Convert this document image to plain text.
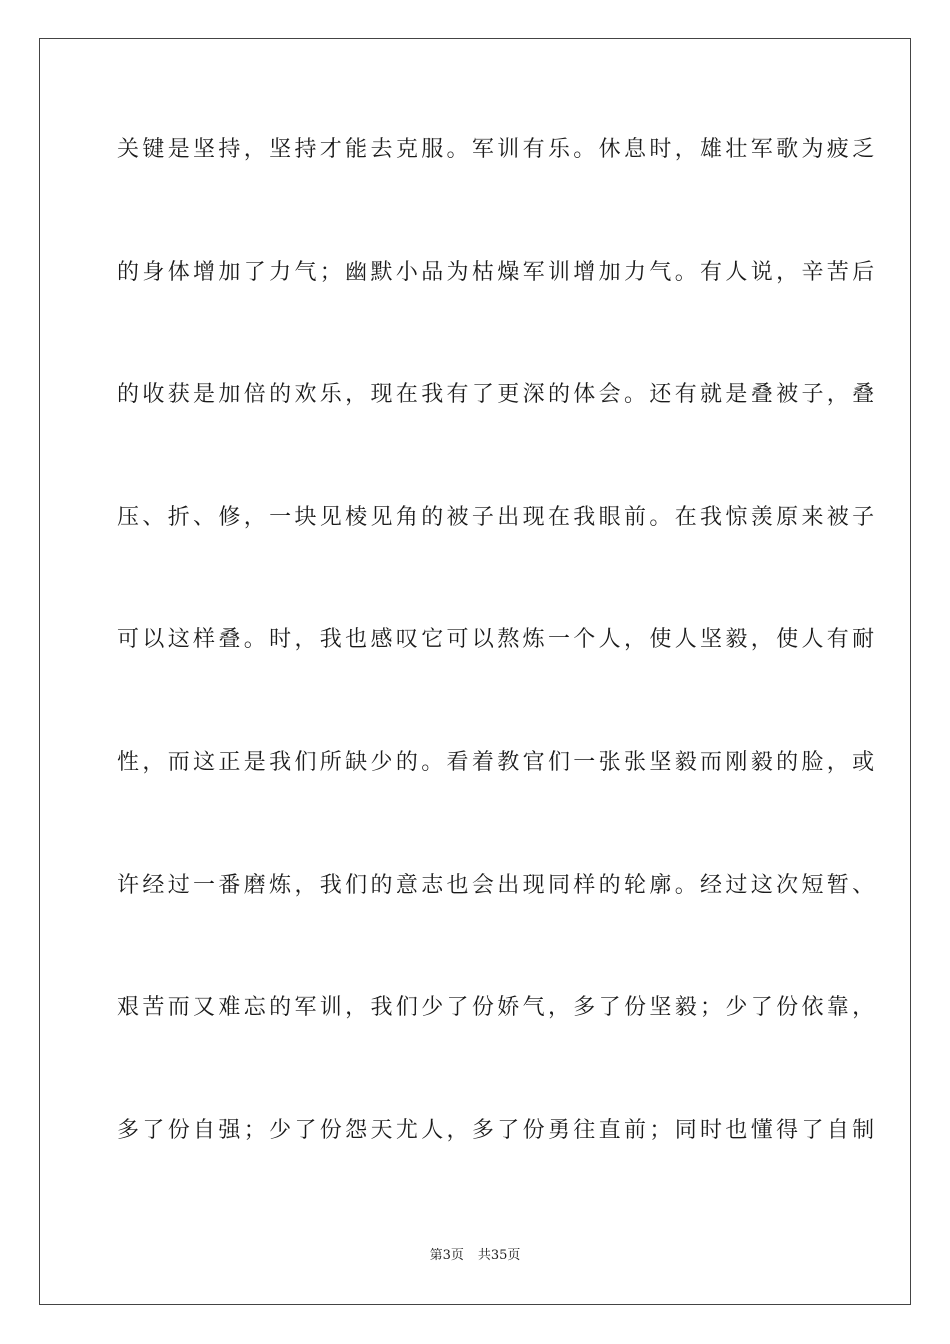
关键是坚持，坚持才能去克服。军训有乐。休息时，雄壮军歌为疲乏

的身体增加了力气；幽默小品为枯燥军训增加力气。有人说，辛苦后

的收获是加倍的欢乐，现在我有了更深的体会。还有就是叠被子，叠

压、折、修，一块见棱见角的被子出现在我眼前。在我惊羡原来被子

可以这样叠。时，我也感叹它可以熬炼一个人，使人坚毅，使人有耐

性，而这正是我们所缺少的。看着教官们一张张坚毅而刚毅的脸，或

许经过一番磨炼，我们的意志也会出现同样的轮廓。经过这次短暂、

艰苦而又难忘的军训，我们少了份娇气，多了份坚毅；少了份依靠，

多了份自强；少了份怨天尤人，多了份勇往直前；同时也懂得了自制

第3页 共35页
